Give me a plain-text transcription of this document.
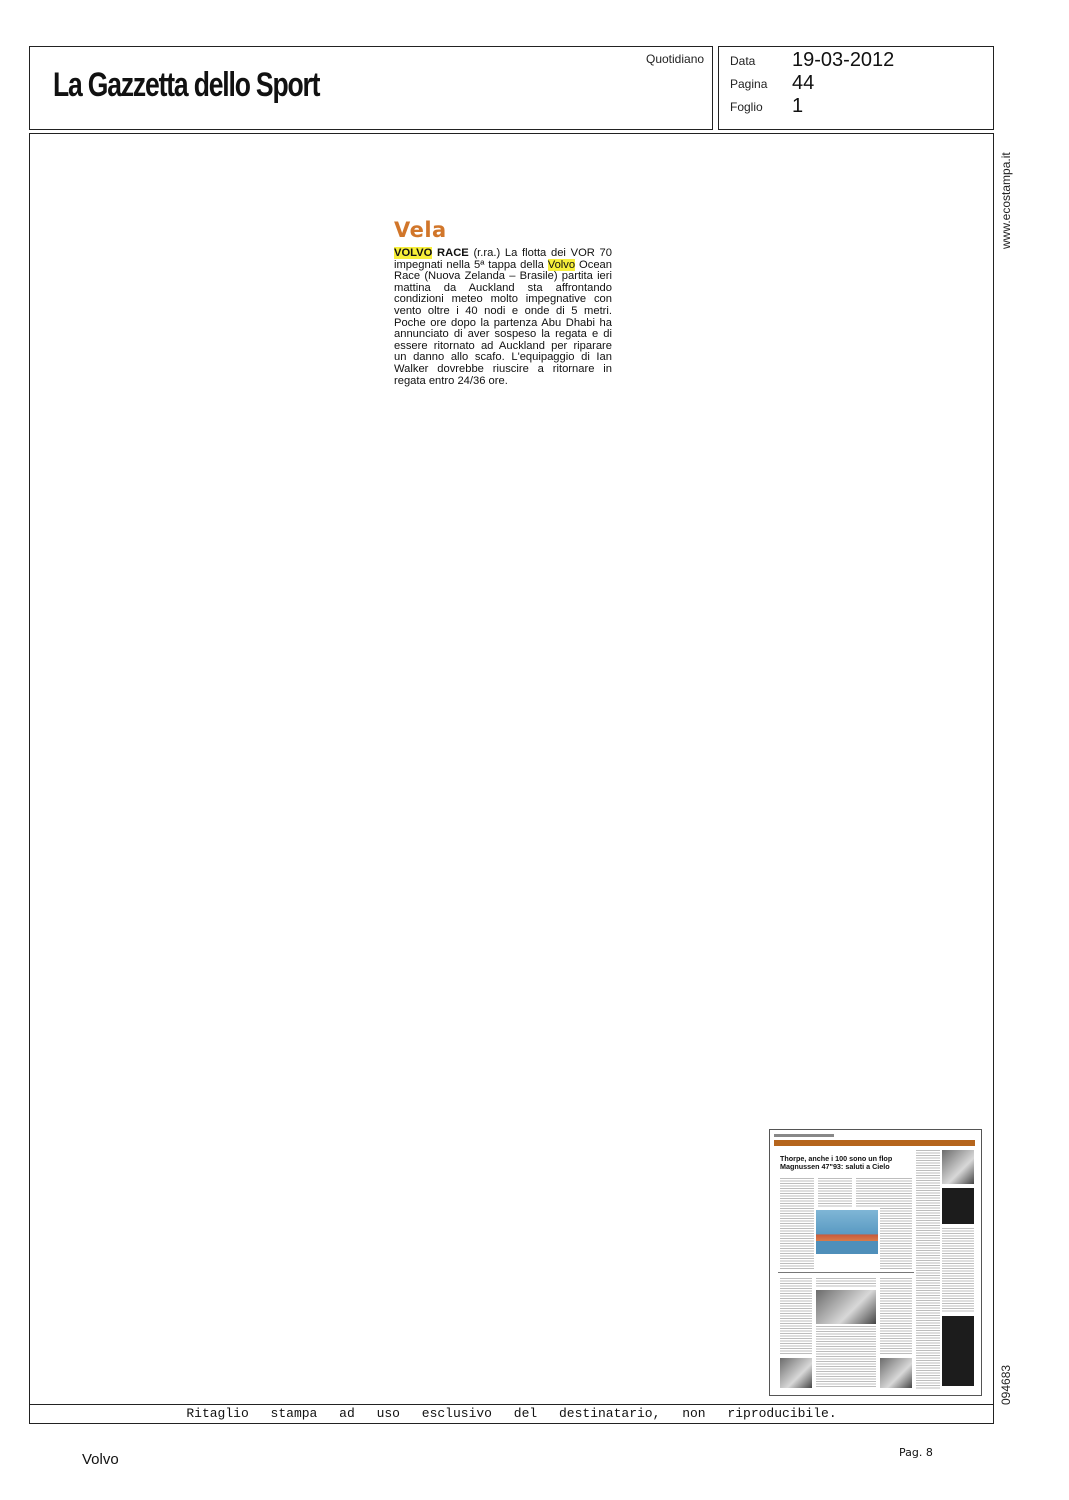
La Gazzetta dello Sport
Quotidiano Data 19-03-2012
Pagina 44
Foglio 1
www.ecostampa.it
094683
Vela
VOLVO RACE (r.ra.) La flotta dei VOR 70 impegnati nella 5ª tappa della Volvo Ocean Race (Nuova Zelanda – Brasile) partita ieri mattina da Auckland sta affrontando condizioni meteo molto impegnative con vento oltre i 40 nodi e onde di 5 metri. Poche ore dopo la partenza Abu Dhabi ha annunciato di aver sospeso la regata e di essere ritornato ad Auckland per riparare un danno allo scafo. L'equipaggio di Ian Walker dovrebbe riuscire a ritornare in regata entro 24/36 ore.
Thorpe, anche i 100 sono un flop Magnussen 47"93: saluti a Cielo
Ritaglio stampa ad uso esclusivo del destinatario, non riproducibile.
Volvo	Pag. 8
